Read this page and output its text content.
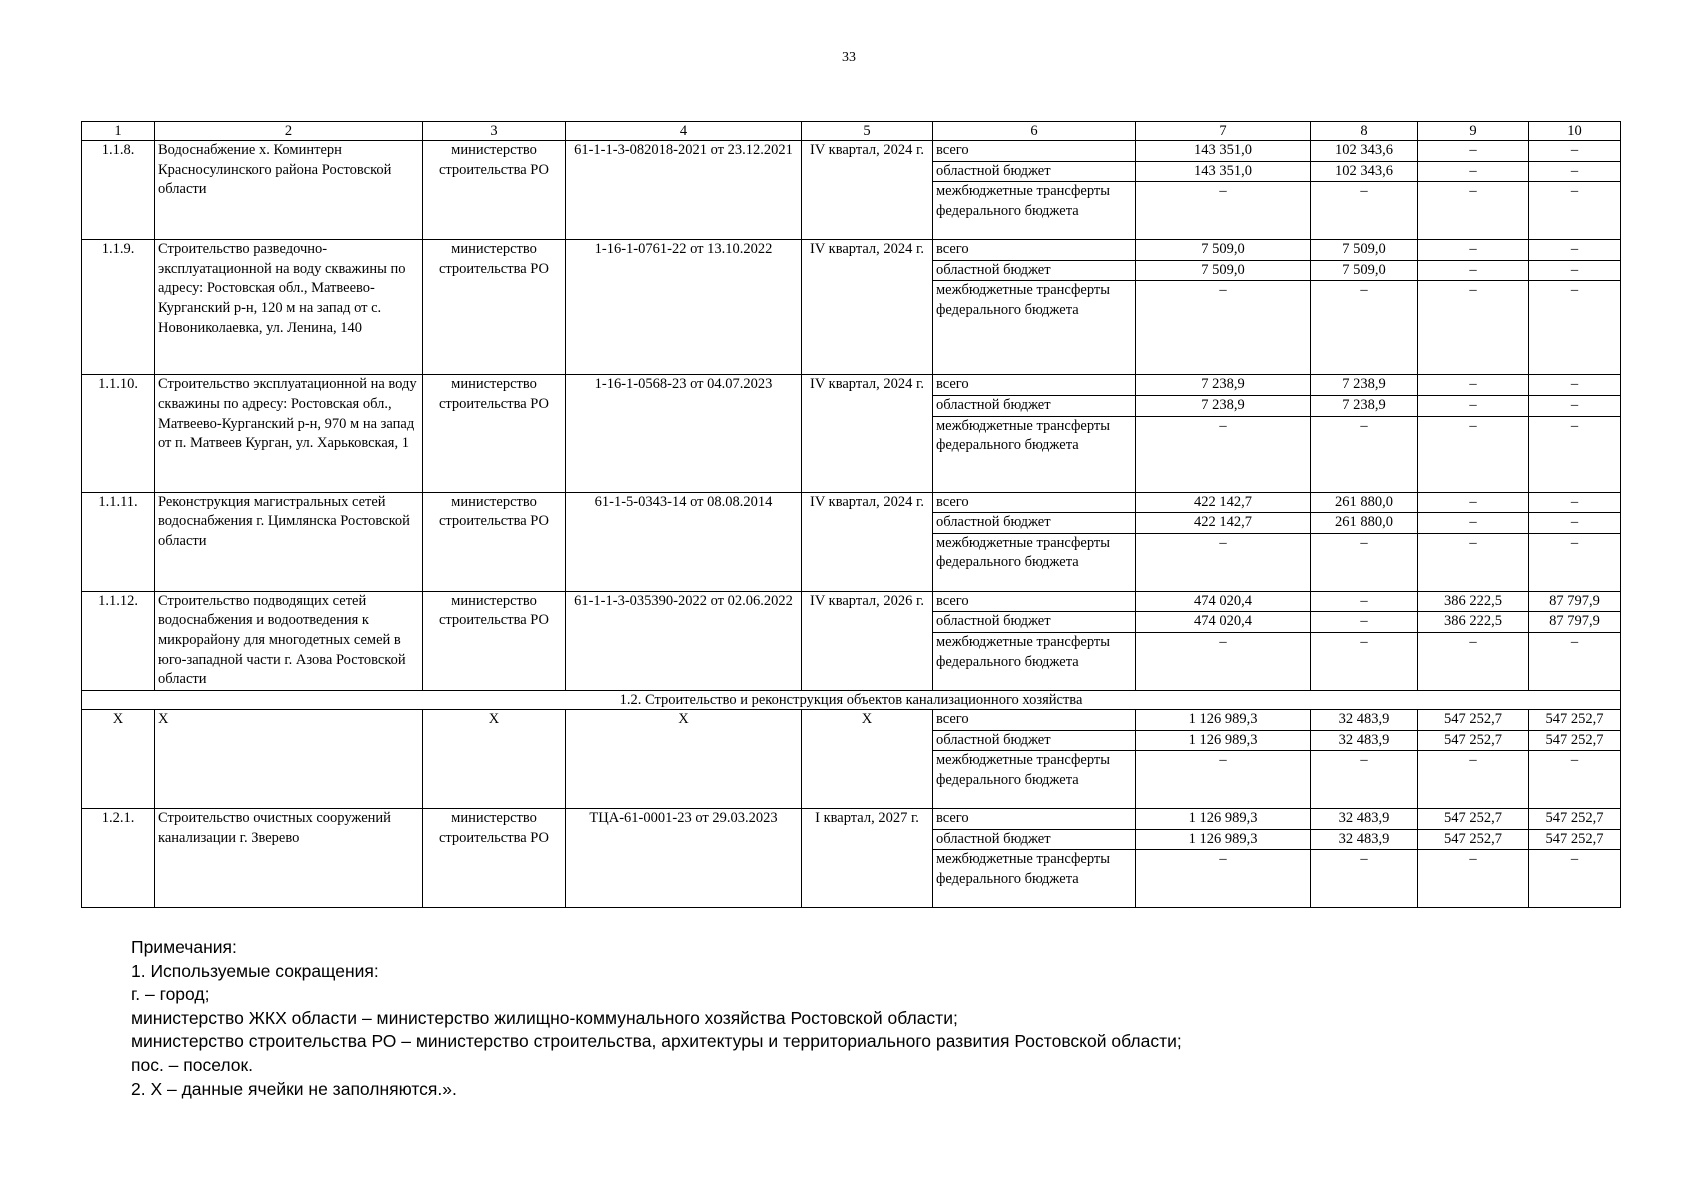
33
1	2	3	4	5	6	7	8	9	10
1.1.8.	Водоснабжение х. Коминтерн Красносулинского района Ростовской области	министерство строительства РО	61-1-1-3-082018-2021 от 23.12.2021	IV квартал, 2024 г.	всего	143 351,0	102 343,6	–	–
					областной бюджет	143 351,0	102 343,6	–	–
					межбюджетные трансферты федерального бюджета	–	–	–	–
1.1.9.	Строительство разведочно-эксплуатационной на воду скважины по адресу: Ростовская обл., Матвеево-Курганский р-н, 120 м на запад от с. Новониколаевка, ул. Ленина, 140	министерство строительства РО	1-16-1-0761-22 от 13.10.2022	IV квартал, 2024 г.	всего	7 509,0	7 509,0	–	–
					областной бюджет	7 509,0	7 509,0	–	–
					межбюджетные трансферты федерального бюджета	–	–	–	–
1.1.10.	Строительство эксплуатационной на воду скважины по адресу: Ростовская обл., Матвеево-Курганский р-н, 970 м на запад от п. Матвеев Курган, ул. Харьковская, 1	министерство строительства РО	1-16-1-0568-23 от 04.07.2023	IV квартал, 2024 г.	всего	7 238,9	7 238,9	–	–
					областной бюджет	7 238,9	7 238,9	–	–
					межбюджетные трансферты федерального бюджета	–	–	–	–
1.1.11.	Реконструкция магистральных сетей водоснабжения г. Цимлянска Ростовской области	министерство строительства РО	61-1-5-0343-14 от 08.08.2014	IV квартал, 2024 г.	всего	422 142,7	261 880,0	–	–
					областной бюджет	422 142,7	261 880,0	–	–
					межбюджетные трансферты федерального бюджета	–	–	–	–
1.1.12.	Строительство подводящих сетей водоснабжения и водоотведения к микрорайону для многодетных семей в юго-западной части г. Азова Ростовской области	министерство строительства РО	61-1-1-3-035390-2022 от 02.06.2022	IV квартал, 2026 г.	всего	474 020,4	–	386 222,5	87 797,9
					областной бюджет	474 020,4	–	386 222,5	87 797,9
					межбюджетные трансферты федерального бюджета	–	–	–	–
1.2. Строительство и реконструкция объектов канализационного хозяйства									
Х	Х	Х	Х	Х	всего	1 126 989,3	32 483,9	547 252,7	547 252,7
					областной бюджет	1 126 989,3	32 483,9	547 252,7	547 252,7
					межбюджетные трансферты федерального бюджета	–	–	–	–
1.2.1.	Строительство очистных сооружений канализации г. Зверево	министерство строительства РО	ТЦА-61-0001-23 от 29.03.2023	I квартал, 2027 г.	всего	1 126 989,3	32 483,9	547 252,7	547 252,7
					областной бюджет	1 126 989,3	32 483,9	547 252,7	547 252,7
					межбюджетные трансферты федерального бюджета	–	–	–	–
Примечания:
1. Используемые сокращения:
г. – город;
министерство ЖКХ области – министерство жилищно-коммунального хозяйства Ростовской области;
министерство строительства РО – министерство строительства, архитектуры и территориального развития Ростовской области;
пос. – поселок.
2. Х – данные ячейки не заполняются.».
